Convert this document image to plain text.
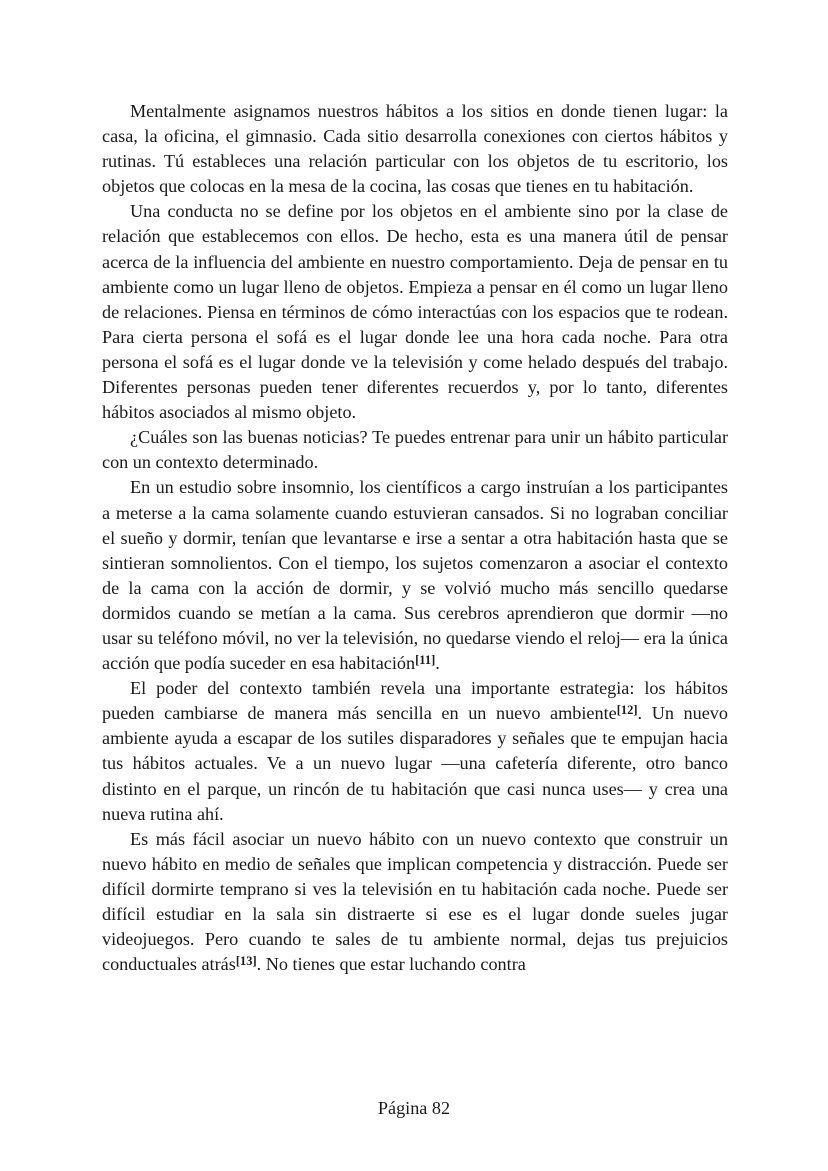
Mentalmente asignamos nuestros hábitos a los sitios en donde tienen lugar: la casa, la oficina, el gimnasio. Cada sitio desarrolla conexiones con ciertos hábitos y rutinas. Tú estableces una relación particular con los objetos de tu escritorio, los objetos que colocas en la mesa de la cocina, las cosas que tienes en tu habitación.

Una conducta no se define por los objetos en el ambiente sino por la clase de relación que establecemos con ellos. De hecho, esta es una manera útil de pensar acerca de la influencia del ambiente en nuestro comportamiento. Deja de pensar en tu ambiente como un lugar lleno de objetos. Empieza a pensar en él como un lugar lleno de relaciones. Piensa en términos de cómo interactúas con los espacios que te rodean. Para cierta persona el sofá es el lugar donde lee una hora cada noche. Para otra persona el sofá es el lugar donde ve la televisión y come helado después del trabajo. Diferentes personas pueden tener diferentes recuerdos y, por lo tanto, diferentes hábitos asociados al mismo objeto.

¿Cuáles son las buenas noticias? Te puedes entrenar para unir un hábito particular con un contexto determinado.

En un estudio sobre insomnio, los científicos a cargo instruían a los participantes a meterse a la cama solamente cuando estuvieran cansados. Si no lograban conciliar el sueño y dormir, tenían que levantarse e irse a sentar a otra habitación hasta que se sintieran somnolientos. Con el tiempo, los sujetos comenzaron a asociar el contexto de la cama con la acción de dormir, y se volvió mucho más sencillo quedarse dormidos cuando se metían a la cama. Sus cerebros aprendieron que dormir —no usar su teléfono móvil, no ver la televisión, no quedarse viendo el reloj— era la única acción que podía suceder en esa habitación[11].

El poder del contexto también revela una importante estrategia: los hábitos pueden cambiarse de manera más sencilla en un nuevo ambiente[12]. Un nuevo ambiente ayuda a escapar de los sutiles disparadores y señales que te empujan hacia tus hábitos actuales. Ve a un nuevo lugar —una cafetería diferente, otro banco distinto en el parque, un rincón de tu habitación que casi nunca uses— y crea una nueva rutina ahí.

Es más fácil asociar un nuevo hábito con un nuevo contexto que construir un nuevo hábito en medio de señales que implican competencia y distracción. Puede ser difícil dormirte temprano si ves la televisión en tu habitación cada noche. Puede ser difícil estudiar en la sala sin distraerte si ese es el lugar donde sueles jugar videojuegos. Pero cuando te sales de tu ambiente normal, dejas tus prejuicios conductuales atrás[13]. No tienes que estar luchando contra

Página 82
